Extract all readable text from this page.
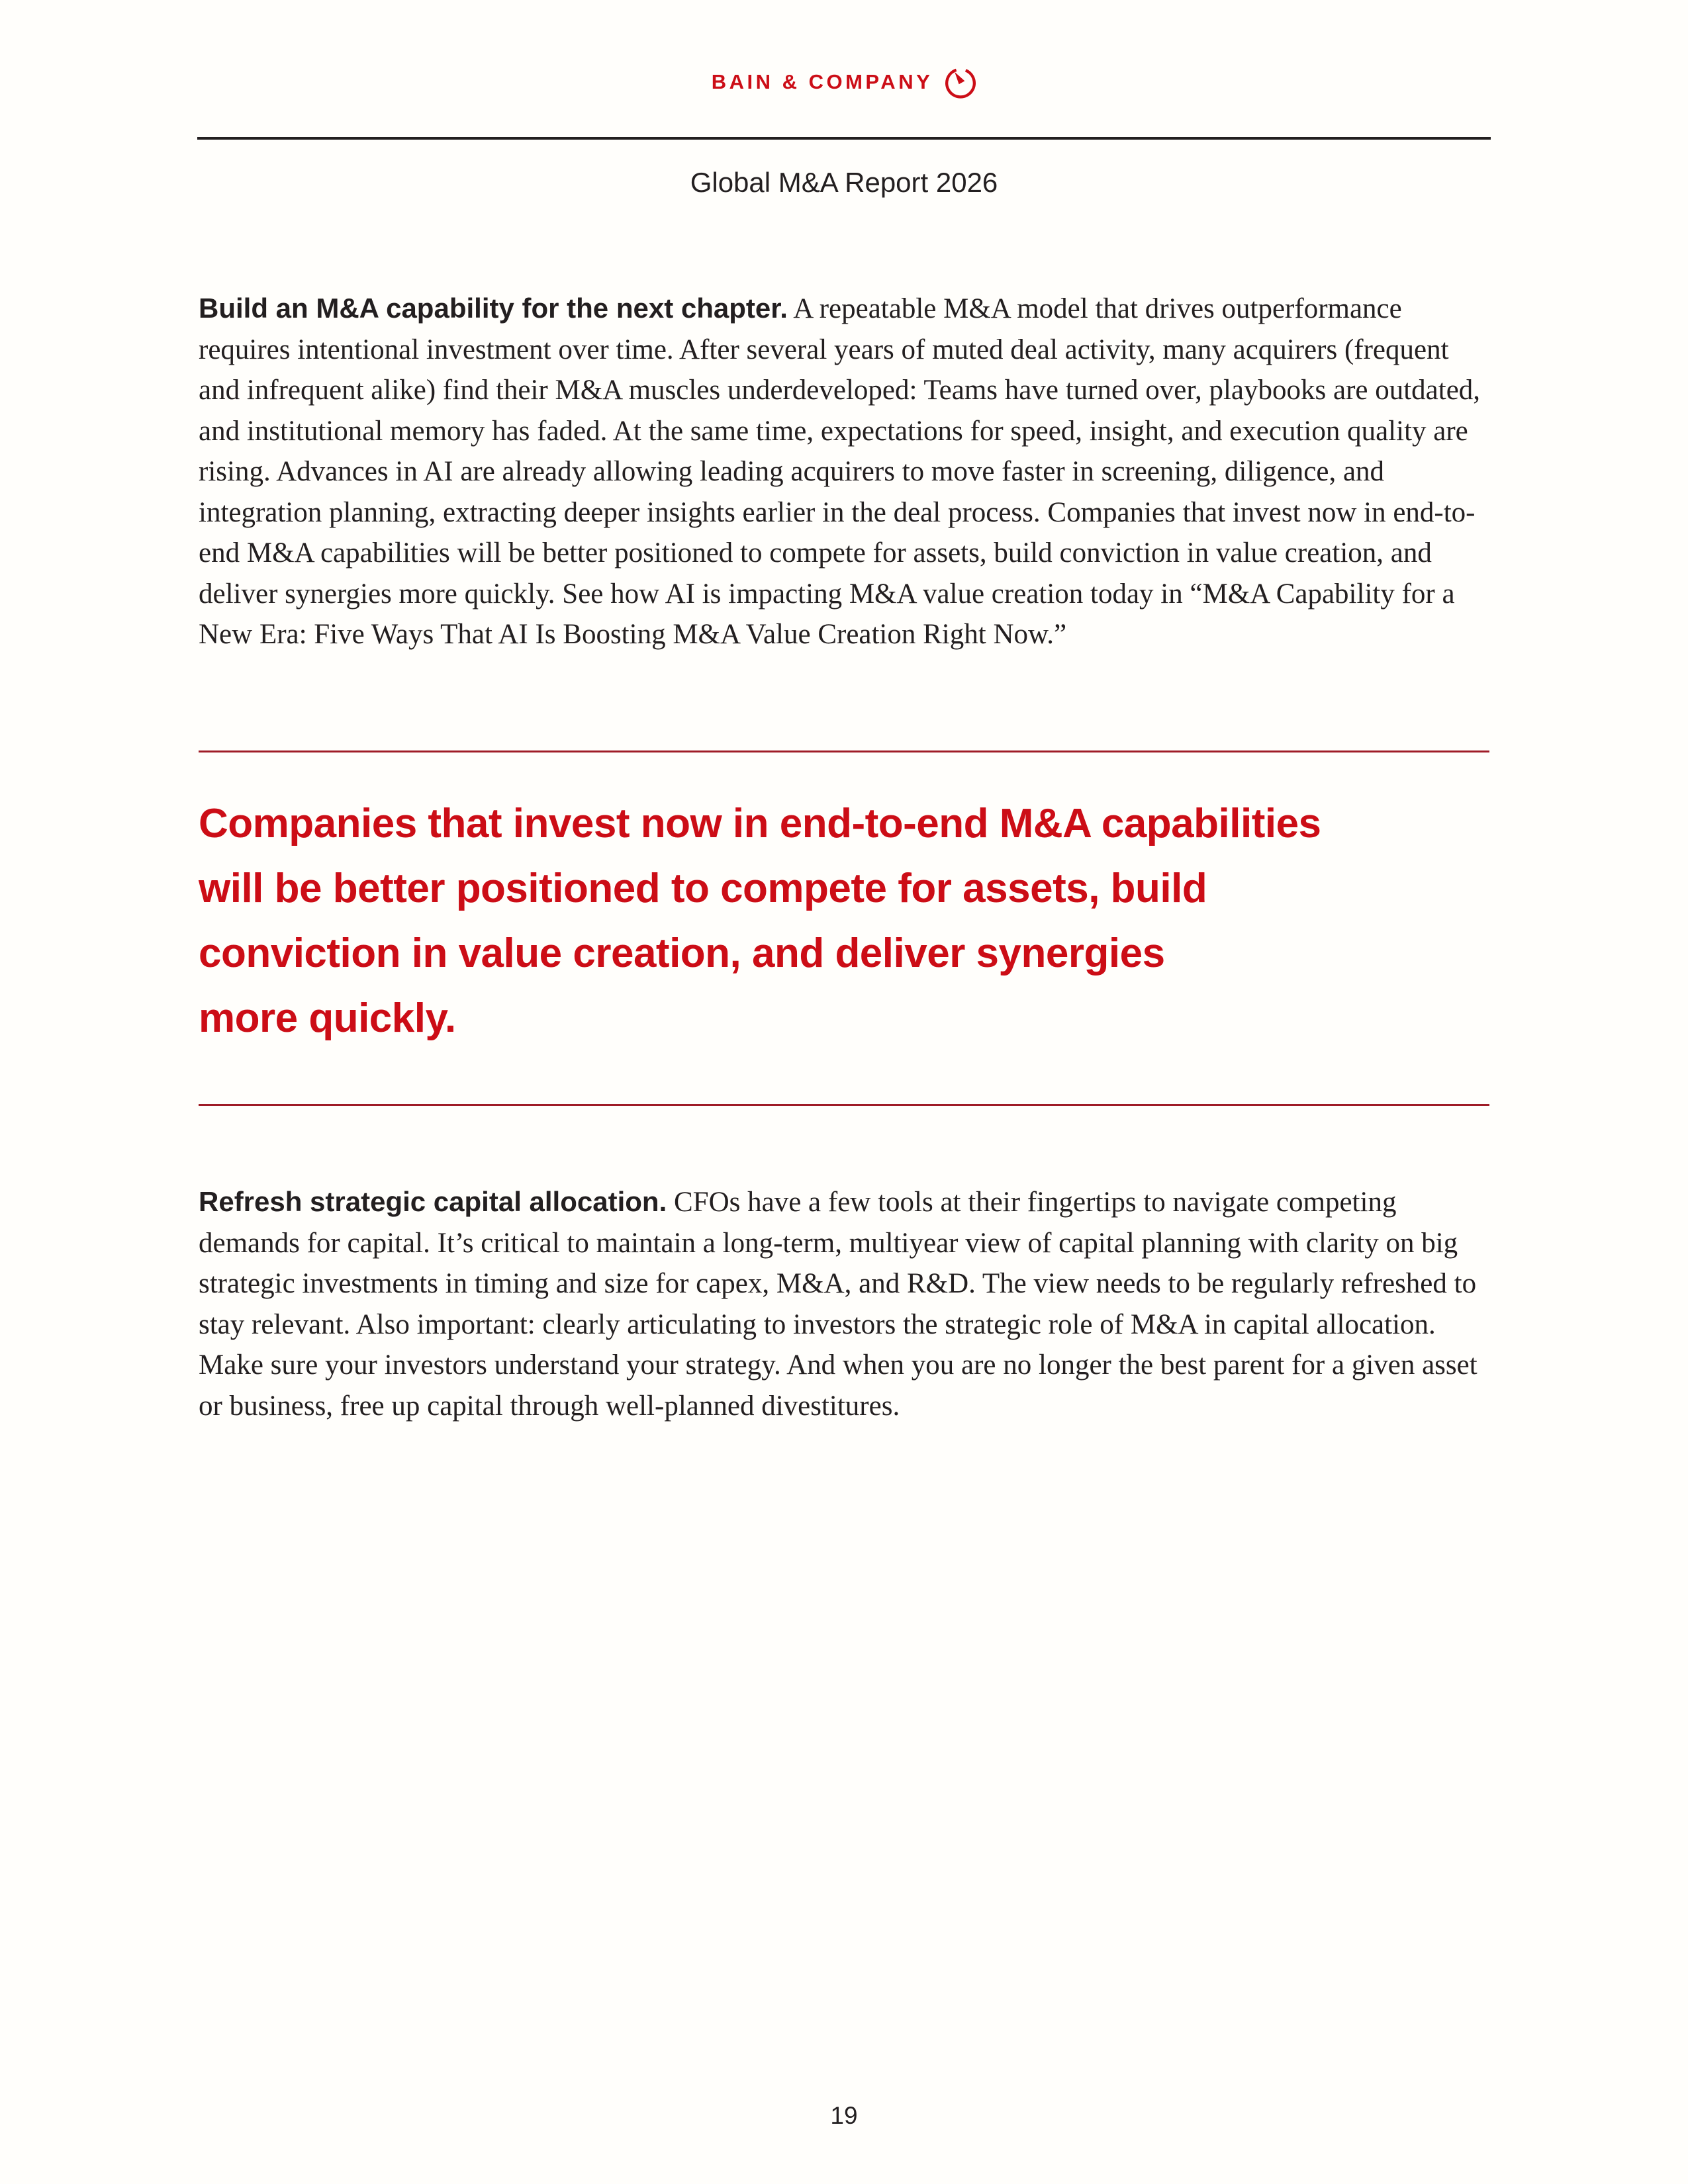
BAIN & COMPANY
Global M&A Report 2026

Build an M&A capability for the next chapter. A repeatable M&A model that drives outperformance requires intentional investment over time. After several years of muted deal activity, many acquirers (frequent and infrequent alike) find their M&A muscles underdeveloped: Teams have turned over, playbooks are outdated, and institutional memory has faded. At the same time, expectations for speed, insight, and execution quality are rising. Advances in AI are already allowing leading acquirers to move faster in screening, diligence, and integration planning, extracting deeper insights earlier in the deal process. Companies that invest now in end-to-end M&A capabilities will be better positioned to compete for assets, build conviction in value creation, and deliver synergies more quickly. See how AI is impacting M&A value creation today in “M&A Capability for a New Era: Five Ways That AI Is Boosting M&A Value Creation Right Now.”

Companies that invest now in end-to-end M&A capabilities
will be better positioned to compete for assets, build
conviction in value creation, and deliver synergies
more quickly.

Refresh strategic capital allocation. CFOs have a few tools at their fingertips to navigate competing demands for capital. It’s critical to maintain a long-term, multiyear view of capital planning with clarity on big strategic investments in timing and size for capex, M&A, and R&D. The view needs to be regularly refreshed to stay relevant. Also important: clearly articulating to investors the strategic role of M&A in capital allocation. Make sure your investors understand your strategy. And when you are no longer the best parent for a given asset or business, free up capital through well-planned divestitures.

19
